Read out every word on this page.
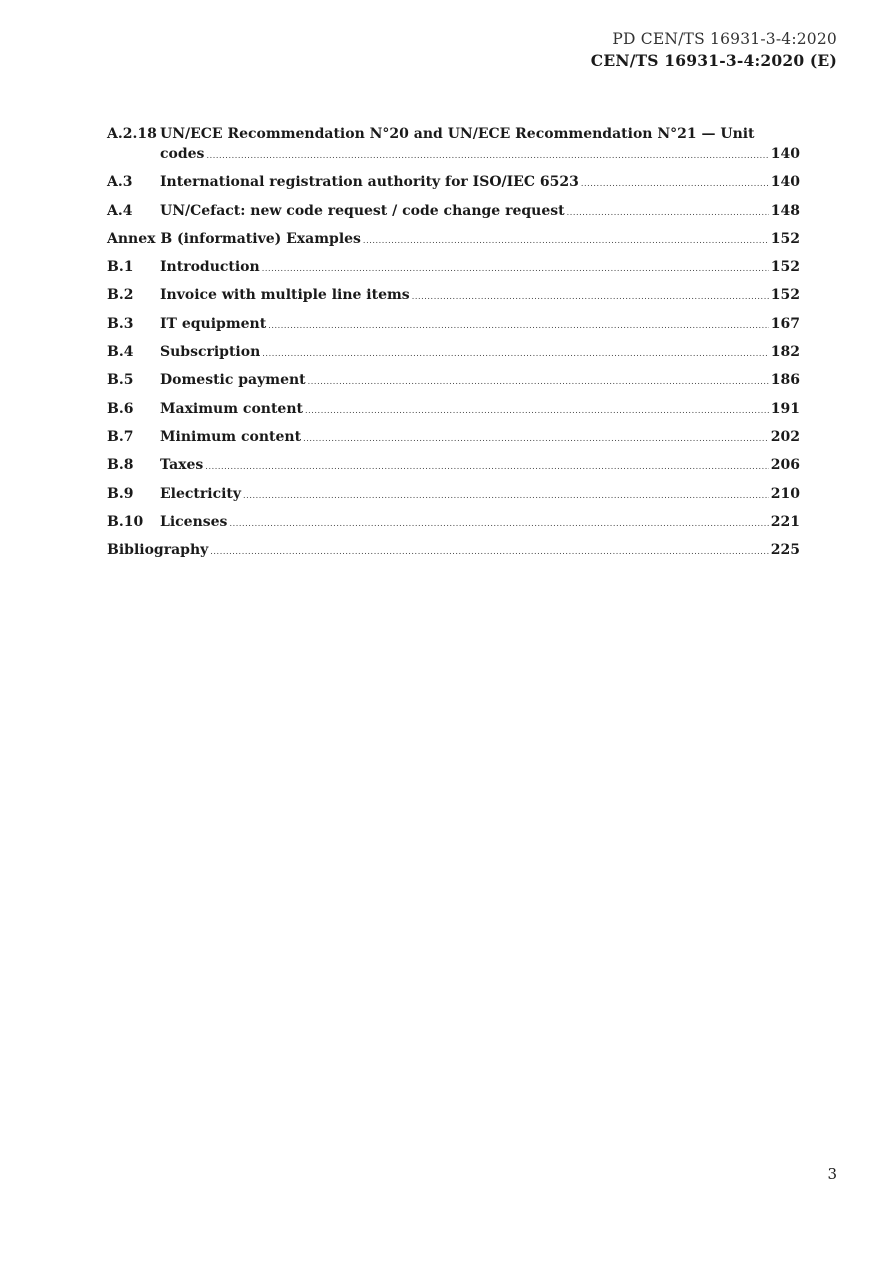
PD CEN/TS 16931-3-4:2020
CEN/TS 16931-3-4:2020 (E)
A.2.18 UN/ECE Recommendation N°20 and UN/ECE Recommendation N°21 — Unit
codes .....	140
A.3 International registration authority for ISO/IEC 6523 .....	140
A.4 UN/Cefact: new code request / code change request .....	148
Annex B (informative) Examples .....	152
B.1 Introduction .....	152
B.2 Invoice with multiple line items .....	152
B.3 IT equipment .....	167
B.4 Subscription .....	182
B.5 Domestic payment .....	186
B.6 Maximum content .....	191
B.7 Minimum content .....	202
B.8 Taxes .....	206
B.9 Electricity .....	210
B.10 Licenses .....	221
Bibliography .....	225
3
